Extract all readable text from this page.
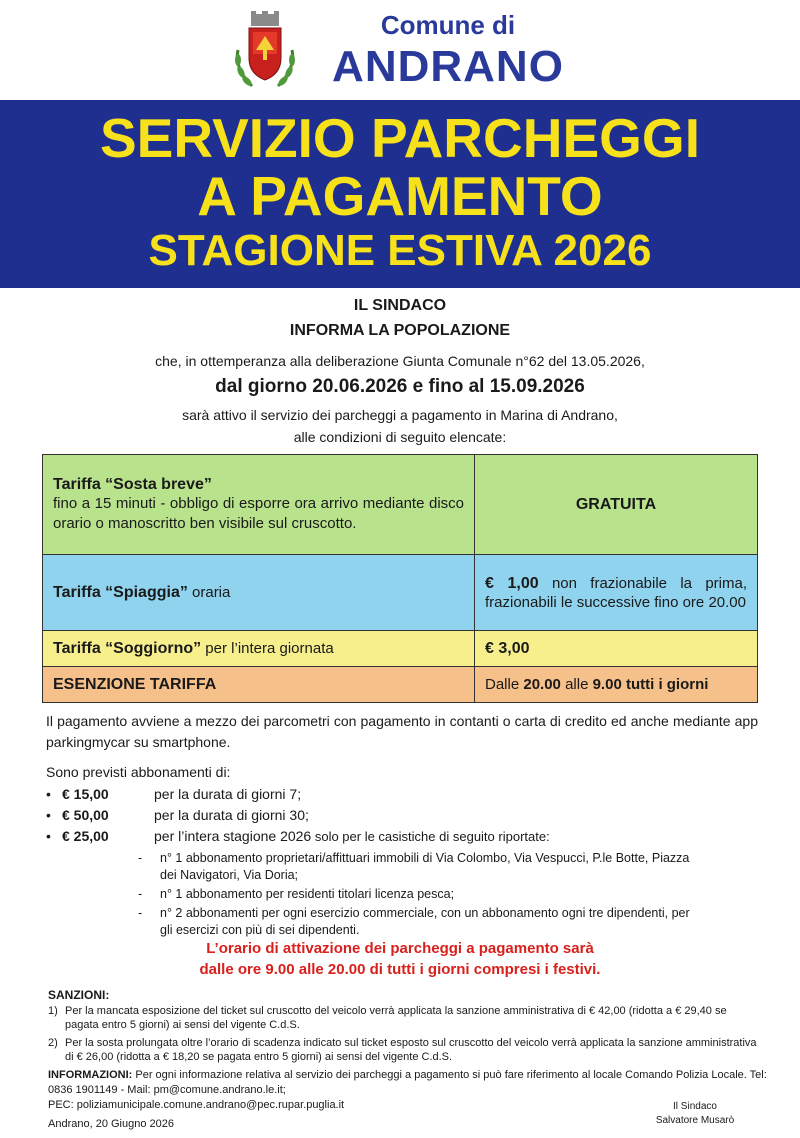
Comune di
ANDRANO
SERVIZIO PARCHEGGI
A PAGAMENTO
STAGIONE ESTIVA 2026
IL SINDACO
INFORMA LA POPOLAZIONE
che, in ottemperanza alla deliberazione Giunta Comunale n°62 del 13.05.2026,
dal giorno 20.06.2026 e fino al 15.09.2026
sarà attivo il servizio dei parcheggi a pagamento in Marina di Andrano,
alle condizioni di seguito elencate:
Tariffa “Sosta breve”
fino a 15 minuti - obbligo di esporre ora arrivo mediante disco orario o manoscritto ben visibile sul cruscotto.	GRATUITA
Tariffa “Spiaggia” oraria	€ 1,00 non frazionabile la prima, frazionabili le successive fino ore 20.00
Tariffa “Soggiorno” per l’intera giornata	€ 3,00
ESENZIONE TARIFFA	Dalle 20.00 alle 9.00 tutti i giorni
Il pagamento avviene a mezzo dei parcometri con pagamento in contanti o carta di credito ed anche mediante app parkingmycar su smartphone.
Sono previsti abbonamenti di:
• € 15,00	per la durata di giorni 7;
• € 50,00	per la durata di giorni 30;
• € 25,00	per l’intera stagione 2026 solo per le casistiche di seguito riportate:
-	n° 1 abbonamento proprietari/affittuari immobili di Via Colombo, Via Vespucci, P.le Botte, Piazza dei Navigatori, Via Doria;
-	n° 1 abbonamento per residenti titolari licenza pesca;
-	n° 2 abbonamenti per ogni esercizio commerciale, con un abbonamento ogni tre dipendenti, per gli esercizi con più di sei dipendenti.
L’orario di attivazione dei parcheggi a pagamento sarà
dalle ore 9.00 alle 20.00 di tutti i giorni compresi i festivi.
SANZIONI:
1) Per la mancata esposizione del ticket sul cruscotto del veicolo verrà applicata la sanzione amministrativa di € 42,00 (ridotta a € 29,40 se pagata entro 5 giorni) ai sensi del vigente C.d.S.
2) Per la sosta prolungata oltre l’orario di scadenza indicato sul ticket esposto sul cruscotto del veicolo verrà applicata la sanzione amministrativa di € 26,00 (ridotta a € 18,20 se pagata entro 5 giorni) ai sensi del vigente C.d.S.
INFORMAZIONI: Per ogni informazione relativa al servizio dei parcheggi a pagamento si può fare riferimento al locale Comando Polizia Locale. Tel: 0836 1901149 - Mail: pm@comune.andrano.le.it;
PEC: poliziamunicipale.comune.andrano@pec.rupar.puglia.it
Andrano, 20 Giugno 2026
Il Sindaco
Salvatore Musarò
